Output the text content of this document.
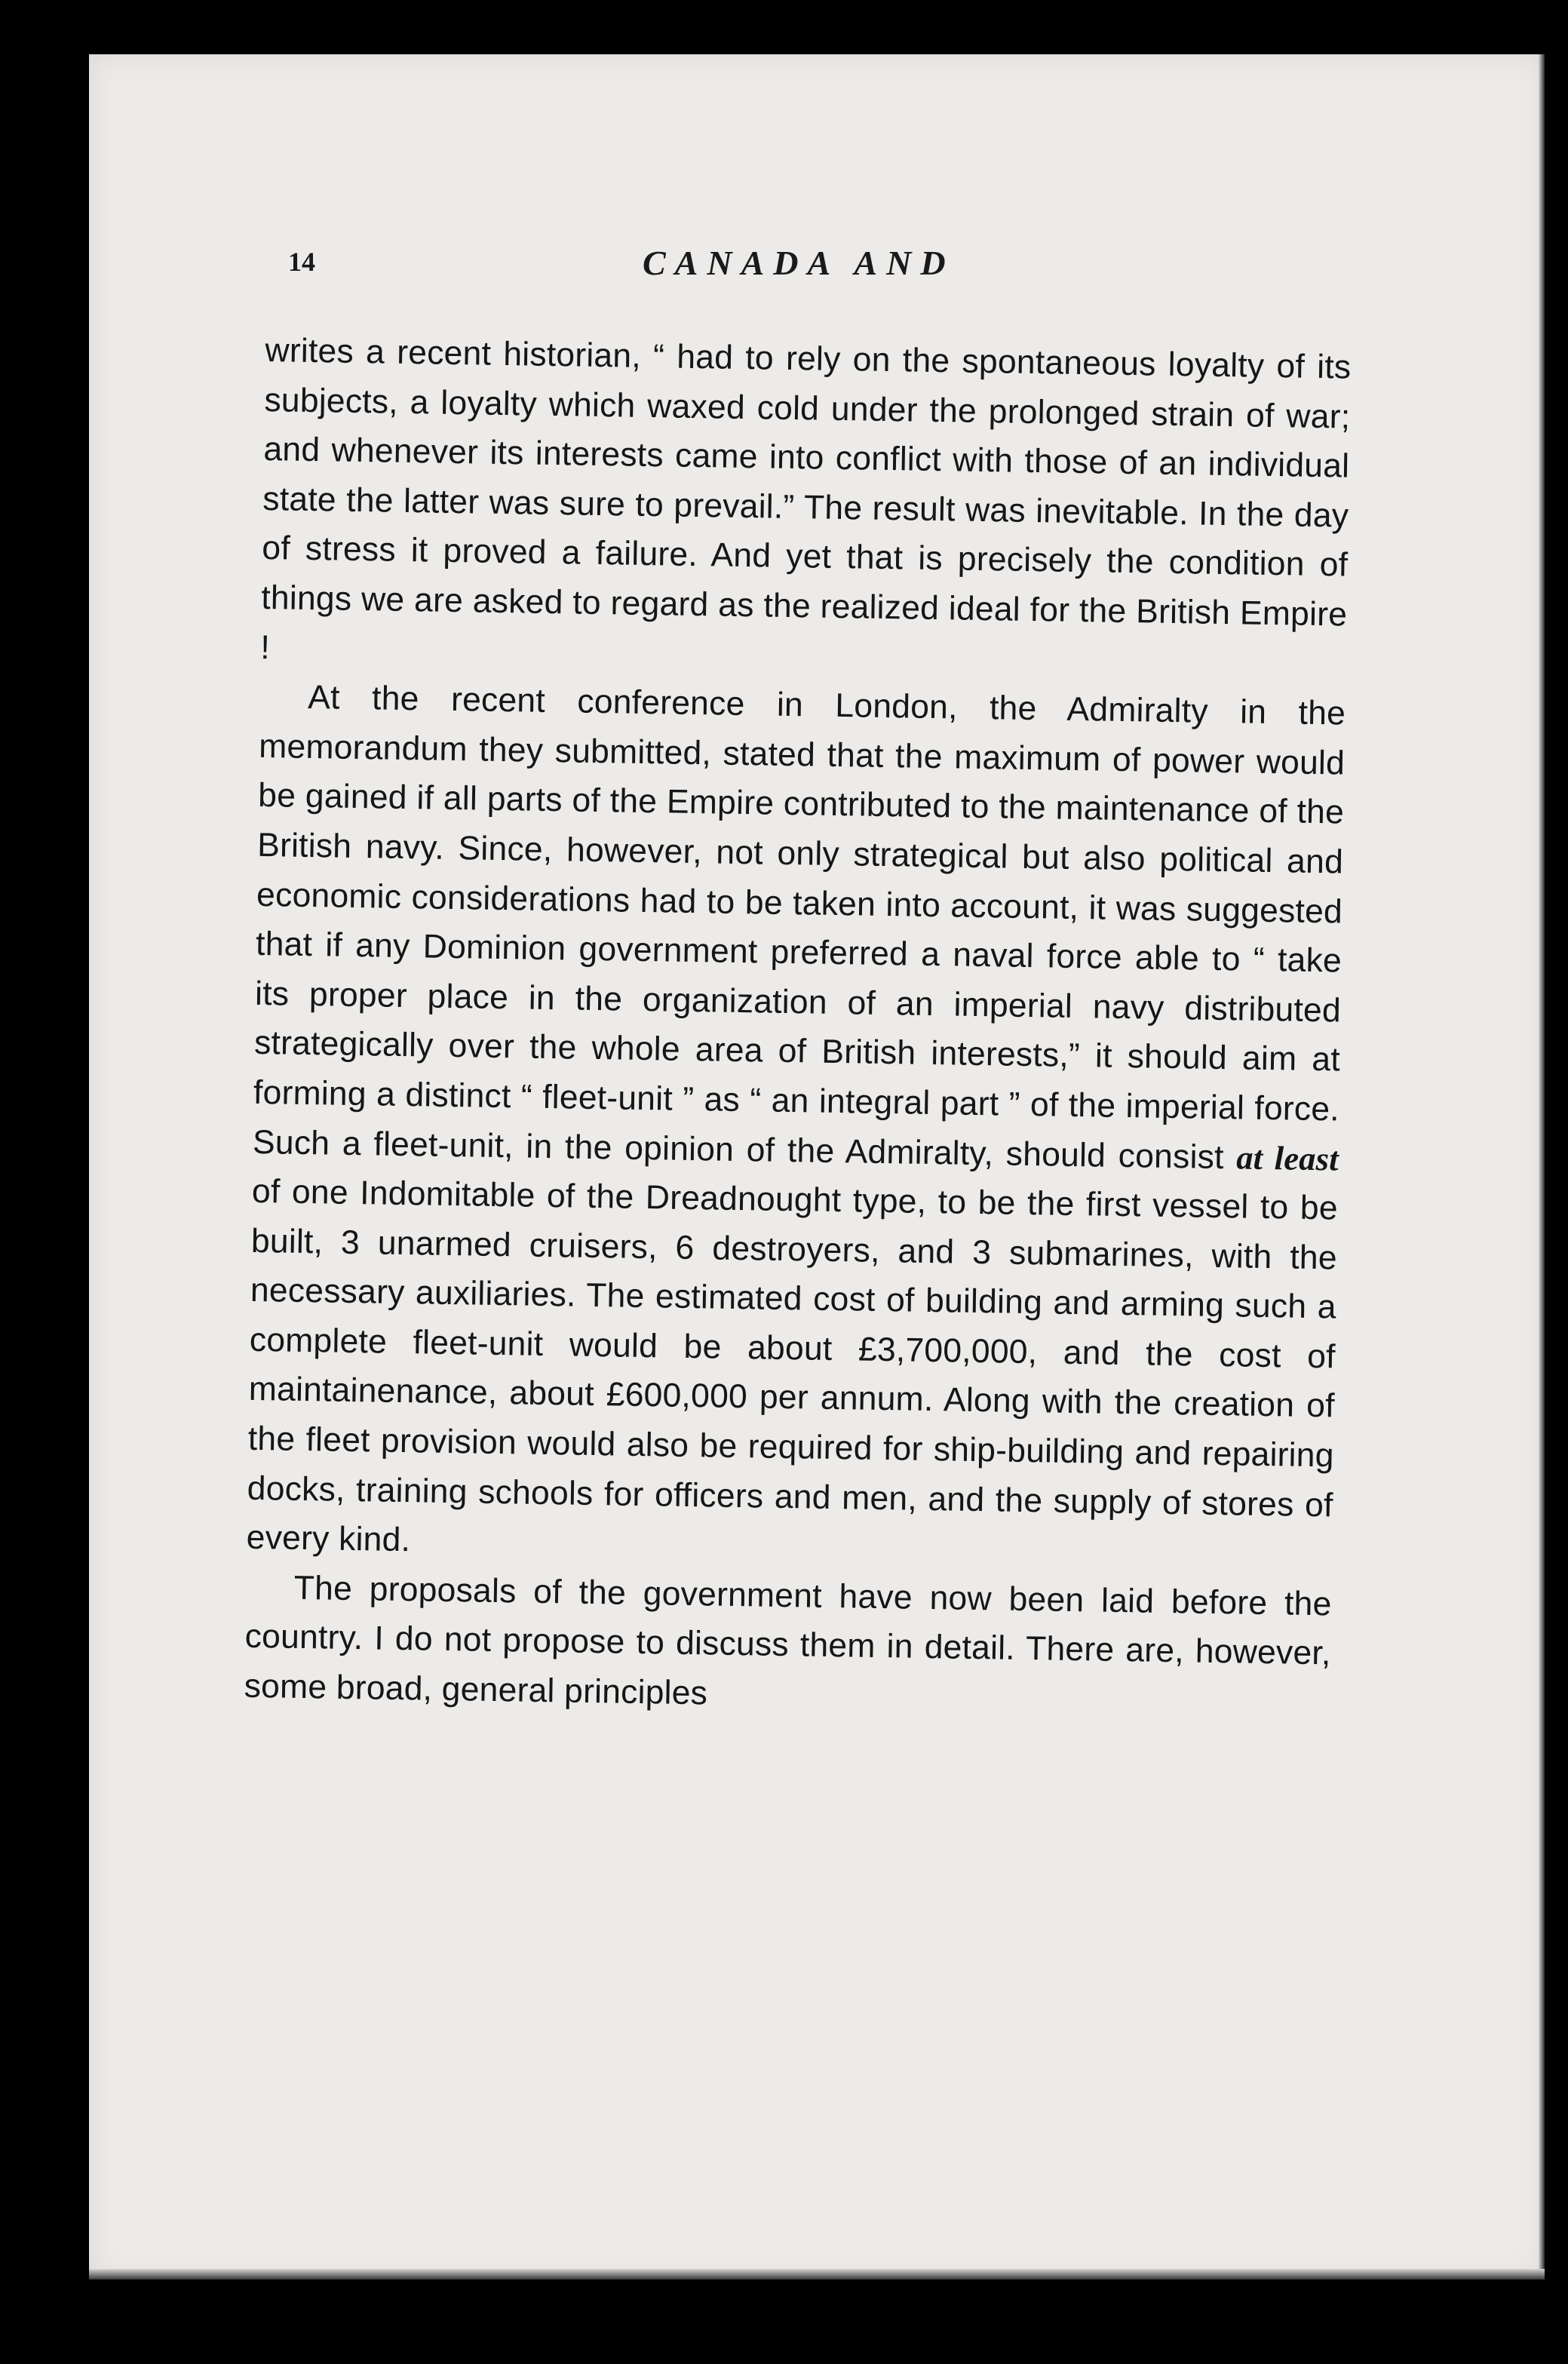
14	CANADA AND

writes a recent historian, “ had to rely on the spontaneous loyalty of its subjects, a loyalty which waxed cold under the prolonged strain of war; and whenever its interests came into conflict with those of an individual state the latter was sure to prevail.” The result was inevitable. In the day of stress it proved a failure. And yet that is precisely the condition of things we are asked to regard as the realized ideal for the British Empire !

At the recent conference in London, the Admiralty in the memorandum they submitted, stated that the maximum of power would be gained if all parts of the Empire contributed to the maintenance of the British navy. Since, however, not only strategical but also political and economic considerations had to be taken into account, it was suggested that if any Dominion government preferred a naval force able to “ take its proper place in the organization of an imperial navy distributed strategically over the whole area of British interests,” it should aim at forming a distinct “ fleet-unit ” as “ an integral part ” of the imperial force. Such a fleet-unit, in the opinion of the Admiralty, should consist at least of one Indomitable of the Dreadnought type, to be the first vessel to be built, 3 unarmed cruisers, 6 destroyers, and 3 submarines, with the necessary auxiliaries. The estimated cost of building and arming such a complete fleet-unit would be about £3,700,000, and the cost of maintainenance, about £600,000 per annum. Along with the creation of the fleet provision would also be required for ship-building and repairing docks, training schools for officers and men, and the supply of stores of every kind.

The proposals of the government have now been laid before the country. I do not propose to discuss them in detail. There are, however, some broad, general principles
